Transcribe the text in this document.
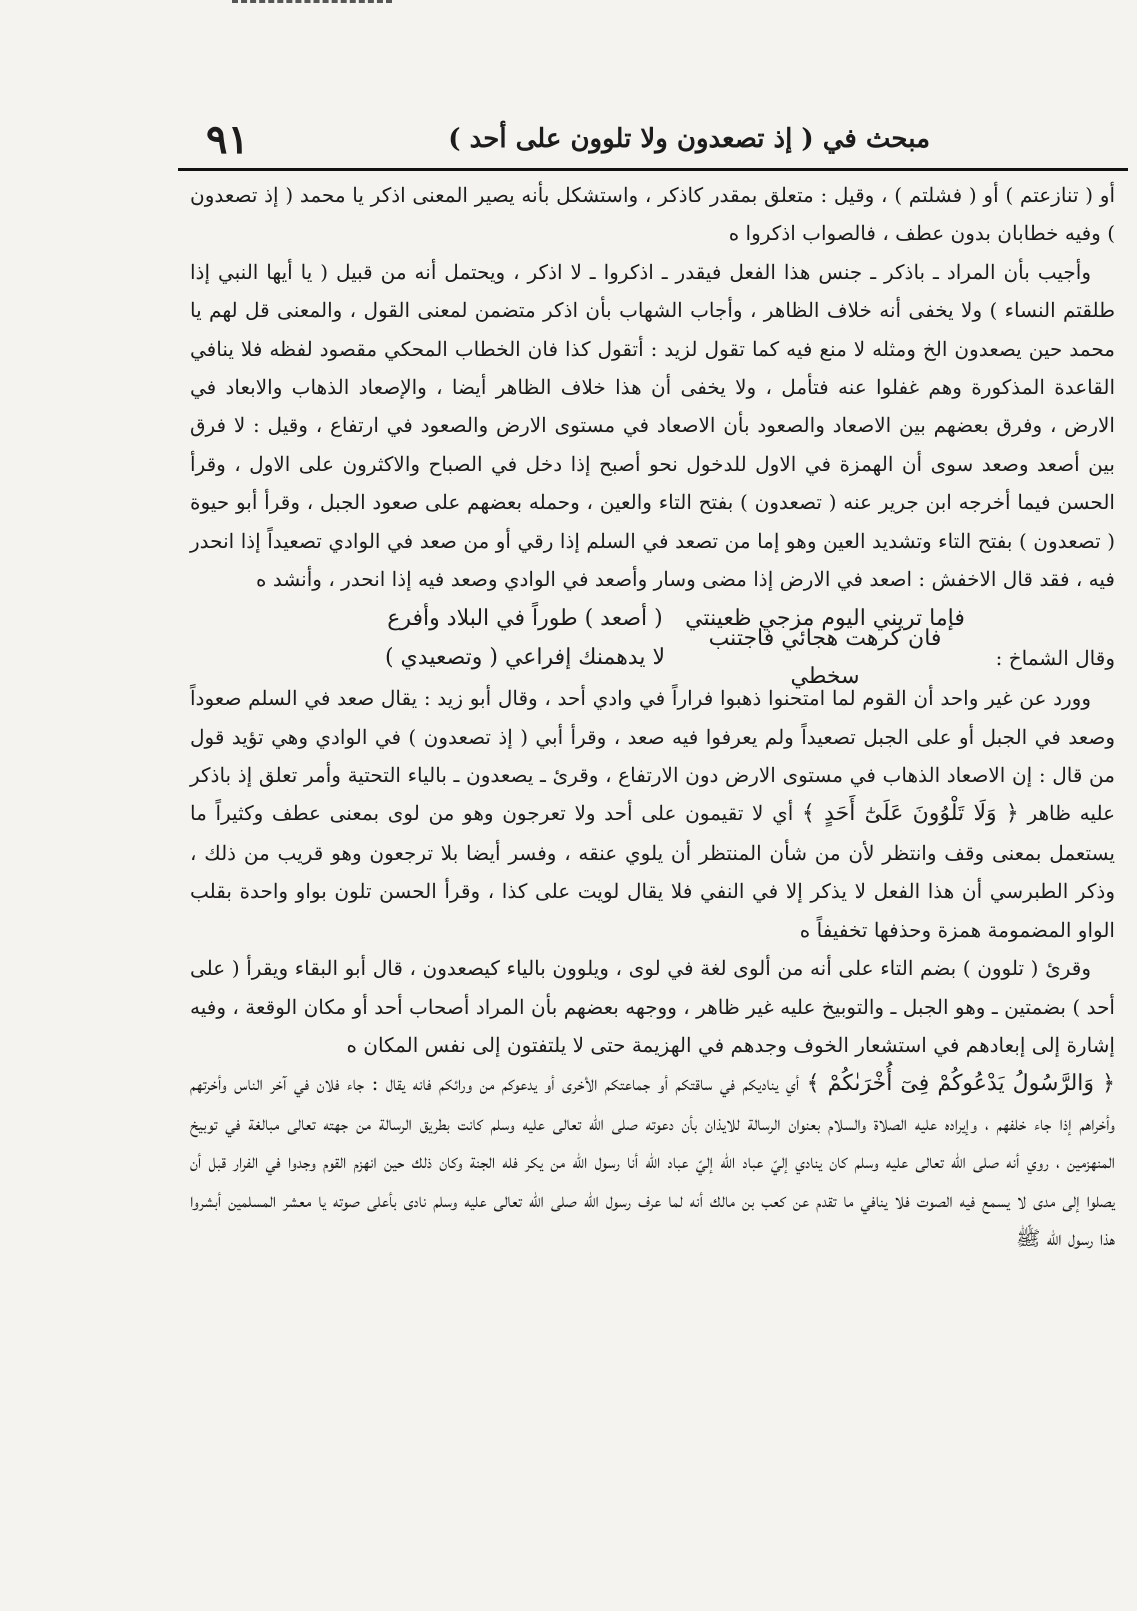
مبحث في ( إذ تصعدون ولا تلوون على أحد )
٩١

أو ( تنازعتم ) أو ( فشلتم ) ، وقيل : متعلق بمقدر كاذكر ، واستشكل بأنه يصير المعنى اذكر يا محمد ( إذ تصعدون ) وفيه خطابان بدون عطف ، فالصواب اذكروا ه

وأجيب بأن المراد ـ باذكر ـ جنس هذا الفعل فيقدر ـ اذكروا ـ لا اذكر ، ويحتمل أنه من قبيل ( يا أيها النبي إذا طلقتم النساء ) ولا يخفى أنه خلاف الظاهر ، وأجاب الشهاب بأن اذكر متضمن لمعنى القول ، والمعنى قل لهم يا محمد حين يصعدون الخ ومثله لا منع فيه كما تقول لزيد : أتقول كذا فان الخطاب المحكي مقصود لفظه فلا ينافي القاعدة المذكورة وهم غفلوا عنه فتأمل ، ولا يخفى أن هذا خلاف الظاهر أيضا ، والإصعاد الذهاب والابعاد في الارض ، وفرق بعضهم بين الاصعاد والصعود بأن الاصعاد في مستوى الارض والصعود في ارتفاع ، وقيل : لا فرق بين أصعد وصعد سوى أن الهمزة في الاول للدخول نحو أصبح إذا دخل في الصباح والاكثرون على الاول ، وقرأ الحسن فيما أخرجه ابن جرير عنه ( تصعدون ) بفتح التاء والعين ، وحمله بعضهم على صعود الجبل ، وقرأ أبو حيوة ( تصعدون ) بفتح التاء وتشديد العين وهو إما من تصعد في السلم إذا رقي أو من صعد في الوادي تصعيداً إذا انحدر فيه ، فقد قال الاخفش : اصعد في الارض إذا مضى وسار وأصعد في الوادي وصعد فيه إذا انحدر ، وأنشد ه

فإما تريني اليوم مزجي ظعينتي
( أصعد ) طوراً في البلاد وأفرع
وقال الشماخ :
فان كرهت هجائي فاجتنب سخطي
لا يدهمنك إفراعي ( وتصعيدي )

وورد عن غير واحد أن القوم لما امتحنوا ذهبوا فراراً في وادي أحد ، وقال أبو زيد : يقال صعد في السلم صعوداً وصعد في الجبل أو على الجبل تصعيداً ولم يعرفوا فيه صعد ، وقرأ أبي ( إذ تصعدون ) في الوادي وهي تؤيد قول من قال : إن الاصعاد الذهاب في مستوى الارض دون الارتفاع ، وقرئ ـ يصعدون ـ بالياء التحتية وأمر تعلق إذ باذكر عليه ظاهر ﴿ وَلَا تَلْوُونَ عَلَىٰٓ أَحَدٍ ﴾ أي لا تقيمون على أحد ولا تعرجون وهو من لوى بمعنى عطف وكثيراً ما يستعمل بمعنى وقف وانتظر لأن من شأن المنتظر أن يلوي عنقه ، وفسر أيضا بلا ترجعون وهو قريب من ذلك ، وذكر الطبرسي أن هذا الفعل لا يذكر إلا في النفي فلا يقال لويت على كذا ، وقرأ الحسن تلون بواو واحدة بقلب الواو المضمومة همزة وحذفها تخفيفاً ه

وقرئ ( تلوون ) بضم التاء على أنه من ألوى لغة في لوى ، ويلوون بالياء كيصعدون ، قال أبو البقاء ويقرأ ( على أحد ) بضمتين ـ وهو الجبل ـ والتوبيخ عليه غير ظاهر ، ووجهه بعضهم بأن المراد أصحاب أحد أو مكان الوقعة ، وفيه إشارة إلى إبعادهم في استشعار الخوف وجدهم في الهزيمة حتى لا يلتفتون إلى نفس المكان ه

﴿ وَالرَّسُولُ يَدْعُوكُمْ فِىٓ أُخْرَىٰكُمْ ﴾ أي يناديكم في ساقتكم أو جماعتكم الأخرى أو يدعوكم من ورائكم فانه يقال : جاء فلان في آخر الناس وأخرتهم وأخراهم إذا جاء خلفهم ، وإيراده عليه الصلاة والسلام بعنوان الرسالة للايذان بأن دعوته صلى الله تعالى عليه وسلم كانت بطريق الرسالة من جهته تعالى مبالغة في توبيخ المنهزمين ، روي أنه صلى الله تعالى عليه وسلم كان ينادي إليّ عباد الله إليّ عباد الله أنا رسول الله من يكر فله الجنة وكان ذلك حين انهزم القوم وجدوا في الفرار قبل أن يصلوا إلى مدى لا يسمع فيه الصوت فلا ينافي ما تقدم عن كعب بن مالك أنه لما عرف رسول الله صلى الله تعالى عليه وسلم نادى بأعلى صوته يا معشر المسلمين أبشروا هذا رسول الله ﷺ
